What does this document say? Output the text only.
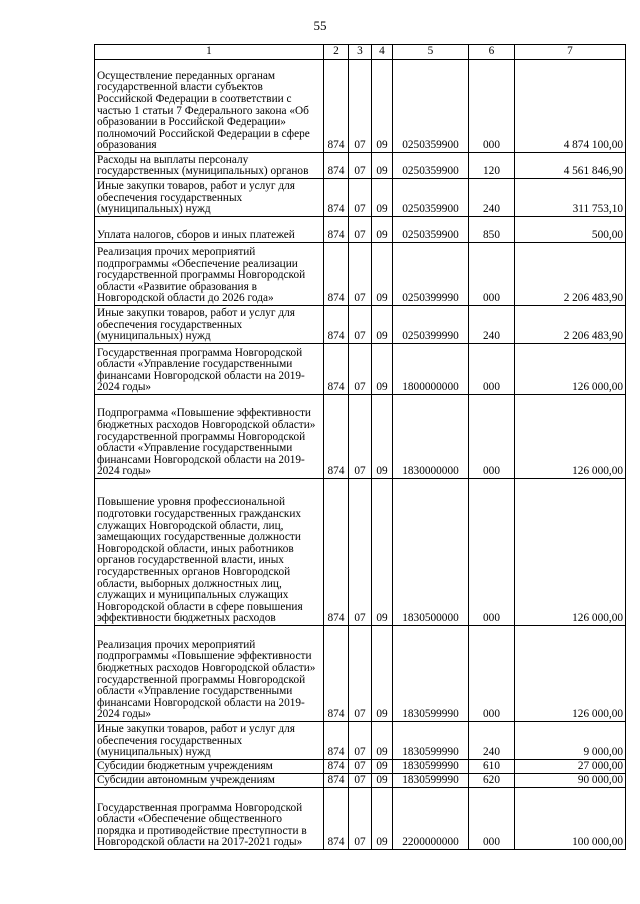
55
1	2	3	4	5	6	7
Осуществление переданных органам государственной власти субъектов Российской Федерации в соответствии с частью 1 статьи 7 Федерального закона «Об образовании в Российской Федерации» полномочий Российской Федерации в сфере образования	874	07	09	0250359900	000	4 874 100,00
Расходы на выплаты персоналу государственных (муниципальных) органов	874	07	09	0250359900	120	4 561 846,90
Иные закупки товаров, работ и услуг для обеспечения государственных (муниципальных) нужд	874	07	09	0250359900	240	311 753,10
Уплата налогов, сборов и иных платежей	874	07	09	0250359900	850	500,00
Реализация прочих мероприятий подпрограммы «Обеспечение реализации государственной программы Новгородской области «Развитие образования в Новгородской области до 2026 года»	874	07	09	0250399990	000	2 206 483,90
Иные закупки товаров, работ и услуг для обеспечения государственных (муниципальных) нужд	874	07	09	0250399990	240	2 206 483,90
Государственная программа Новгородской области «Управление государственными финансами Новгородской области на 2019-2024 годы»	874	07	09	1800000000	000	126 000,00
Подпрограмма «Повышение эффективности бюджетных расходов Новгородской области» государственной программы Новгородской области «Управление государственными финансами Новгородской области на 2019-2024 годы»	874	07	09	1830000000	000	126 000,00
Повышение уровня профессиональной подготовки государственных гражданских служащих Новгородской области, лиц, замещающих государственные должности Новгородской области, иных работников органов государственной власти, иных государственных органов Новгородской области, выборных должностных лиц, служащих и муниципальных служащих Новгородской области в сфере повышения эффективности бюджетных расходов	874	07	09	1830500000	000	126 000,00
Реализация прочих мероприятий подпрограммы «Повышение эффективности бюджетных расходов Новгородской области» государственной программы Новгородской области «Управление государственными финансами Новгородской области на 2019-2024 годы»	874	07	09	1830599990	000	126 000,00
Иные закупки товаров, работ и услуг для обеспечения государственных (муниципальных) нужд	874	07	09	1830599990	240	9 000,00
Субсидии бюджетным учреждениям	874	07	09	1830599990	610	27 000,00
Субсидии автономным учреждениям	874	07	09	1830599990	620	90 000,00
Государственная программа Новгородской области «Обеспечение общественного порядка и противодействие преступности в Новгородской области на 2017-2021 годы»	874	07	09	2200000000	000	100 000,00
